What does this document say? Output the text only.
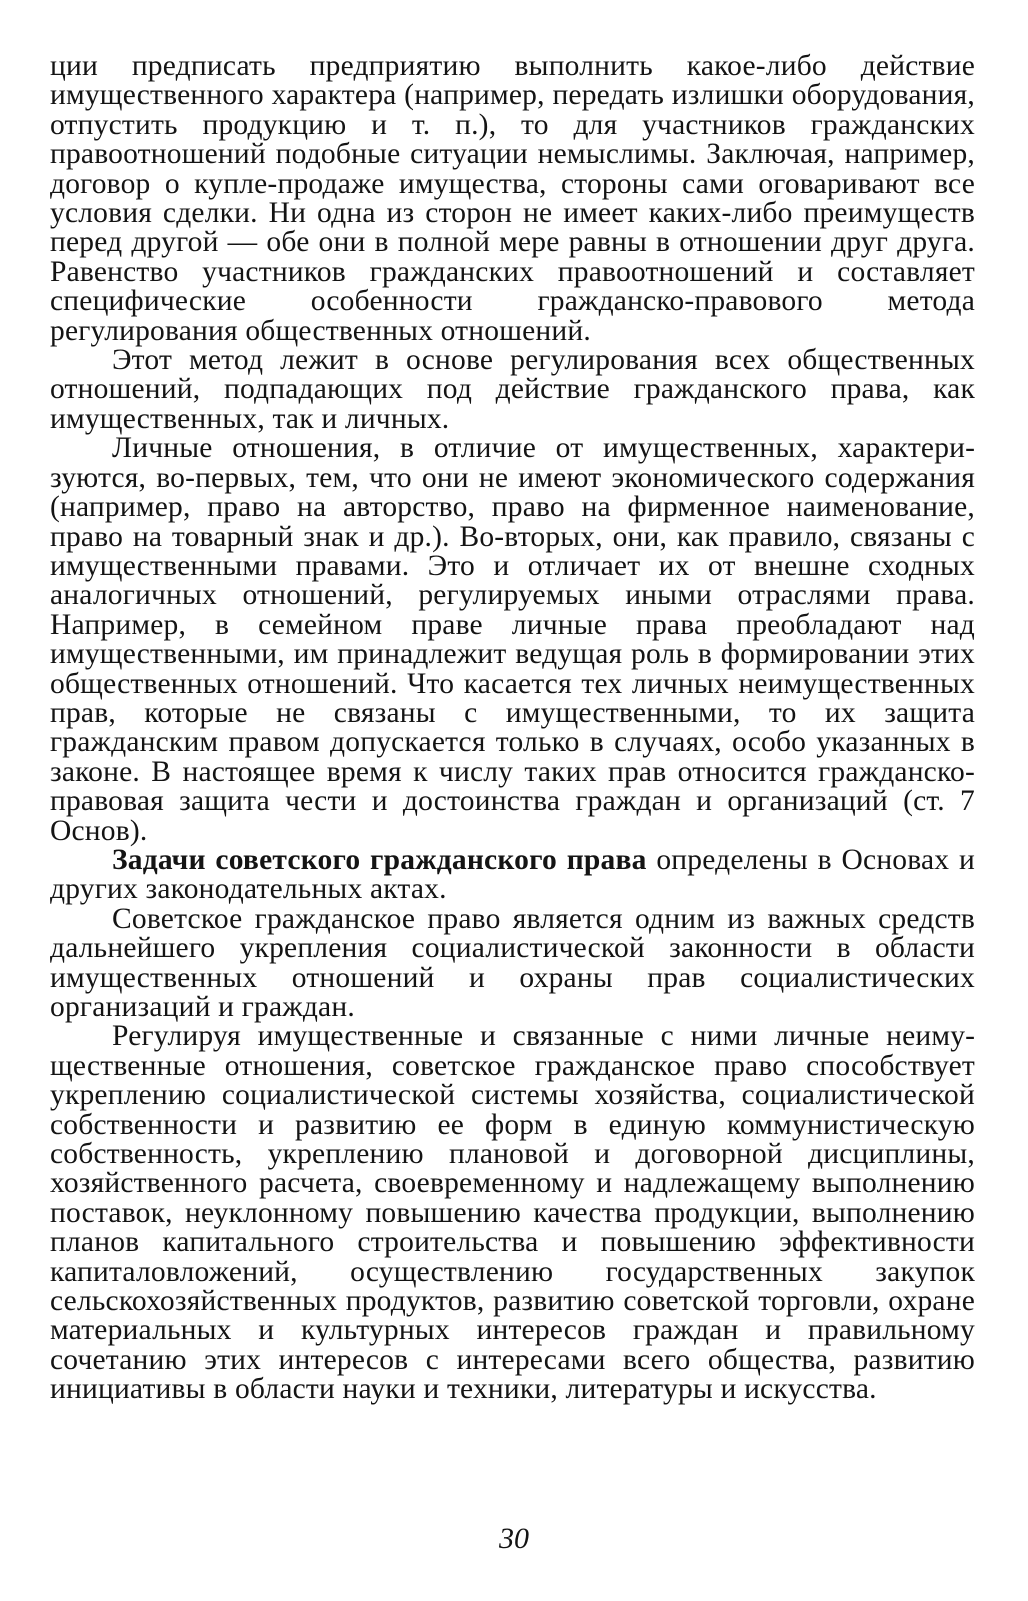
ции предписать предприятию выполнить какое-либо действие имущественного характера (например, передать излишки оборудования, отпустить продукцию и т. п.), то для участников гражданских правоотношений подобные ситуации немыслимы. Заключая, например, договор о купле-продаже имущества, стороны сами оговаривают все условия сделки. Ни одна из сторон не имеет каких-либо преимуществ перед другой — обе они в полной мере равны в отношении друг друга. Равенство участников гражданских правоотношений и составляет специфические особенности гражданско-правового метода регулирования общественных отношений.

Этот метод лежит в основе регулирования всех общественных отношений, подпадающих под действие гражданского права, как имущественных, так и личных.

Личные отношения, в отличие от имущественных, характеризуются, во-первых, тем, что они не имеют экономического содержания (например, право на авторство, право на фирменное наименование, право на товарный знак и др.). Во-вторых, они, как правило, связаны с имущественными правами. Это и отличает их от внешне сходных аналогичных отношений, регулируемых иными отраслями права. Например, в семейном праве личные права преобладают над имущественными, им принадлежит ведущая роль в формировании этих общественных отношений. Что касается тех личных неимущественных прав, которые не связаны с имущественными, то их защита гражданским правом допускается только в случаях, особо указанных в законе. В настоящее время к числу таких прав относится гражданско-правовая защита чести и достоинства граждан и организаций (ст. 7 Основ).

Задачи советского гражданского права определены в Основах и других законодательных актах.

Советское гражданское право является одним из важных средств дальнейшего укрепления социалистической законности в области имущественных отношений и охраны прав социалистических организаций и граждан.

Регулируя имущественные и связанные с ними личные неимущественные отношения, советское гражданское право способствует укреплению социалистической системы хозяйства, социалистической собственности и развитию ее форм в единую коммунистическую собственность, укреплению плановой и договорной дисциплины, хозяйственного расчета, своевременному и надлежащему выполнению поставок, неуклонному повышению качества продукции, выполнению планов капитального строительства и повышению эффективности капиталовложений, осуществлению государственных закупок сельскохозяйственных продуктов, развитию советской торговли, охране материальных и культурных интересов граждан и правильному сочетанию этих интересов с интересами всего общества, развитию инициативы в области науки и техники, литературы и искусства.

30
